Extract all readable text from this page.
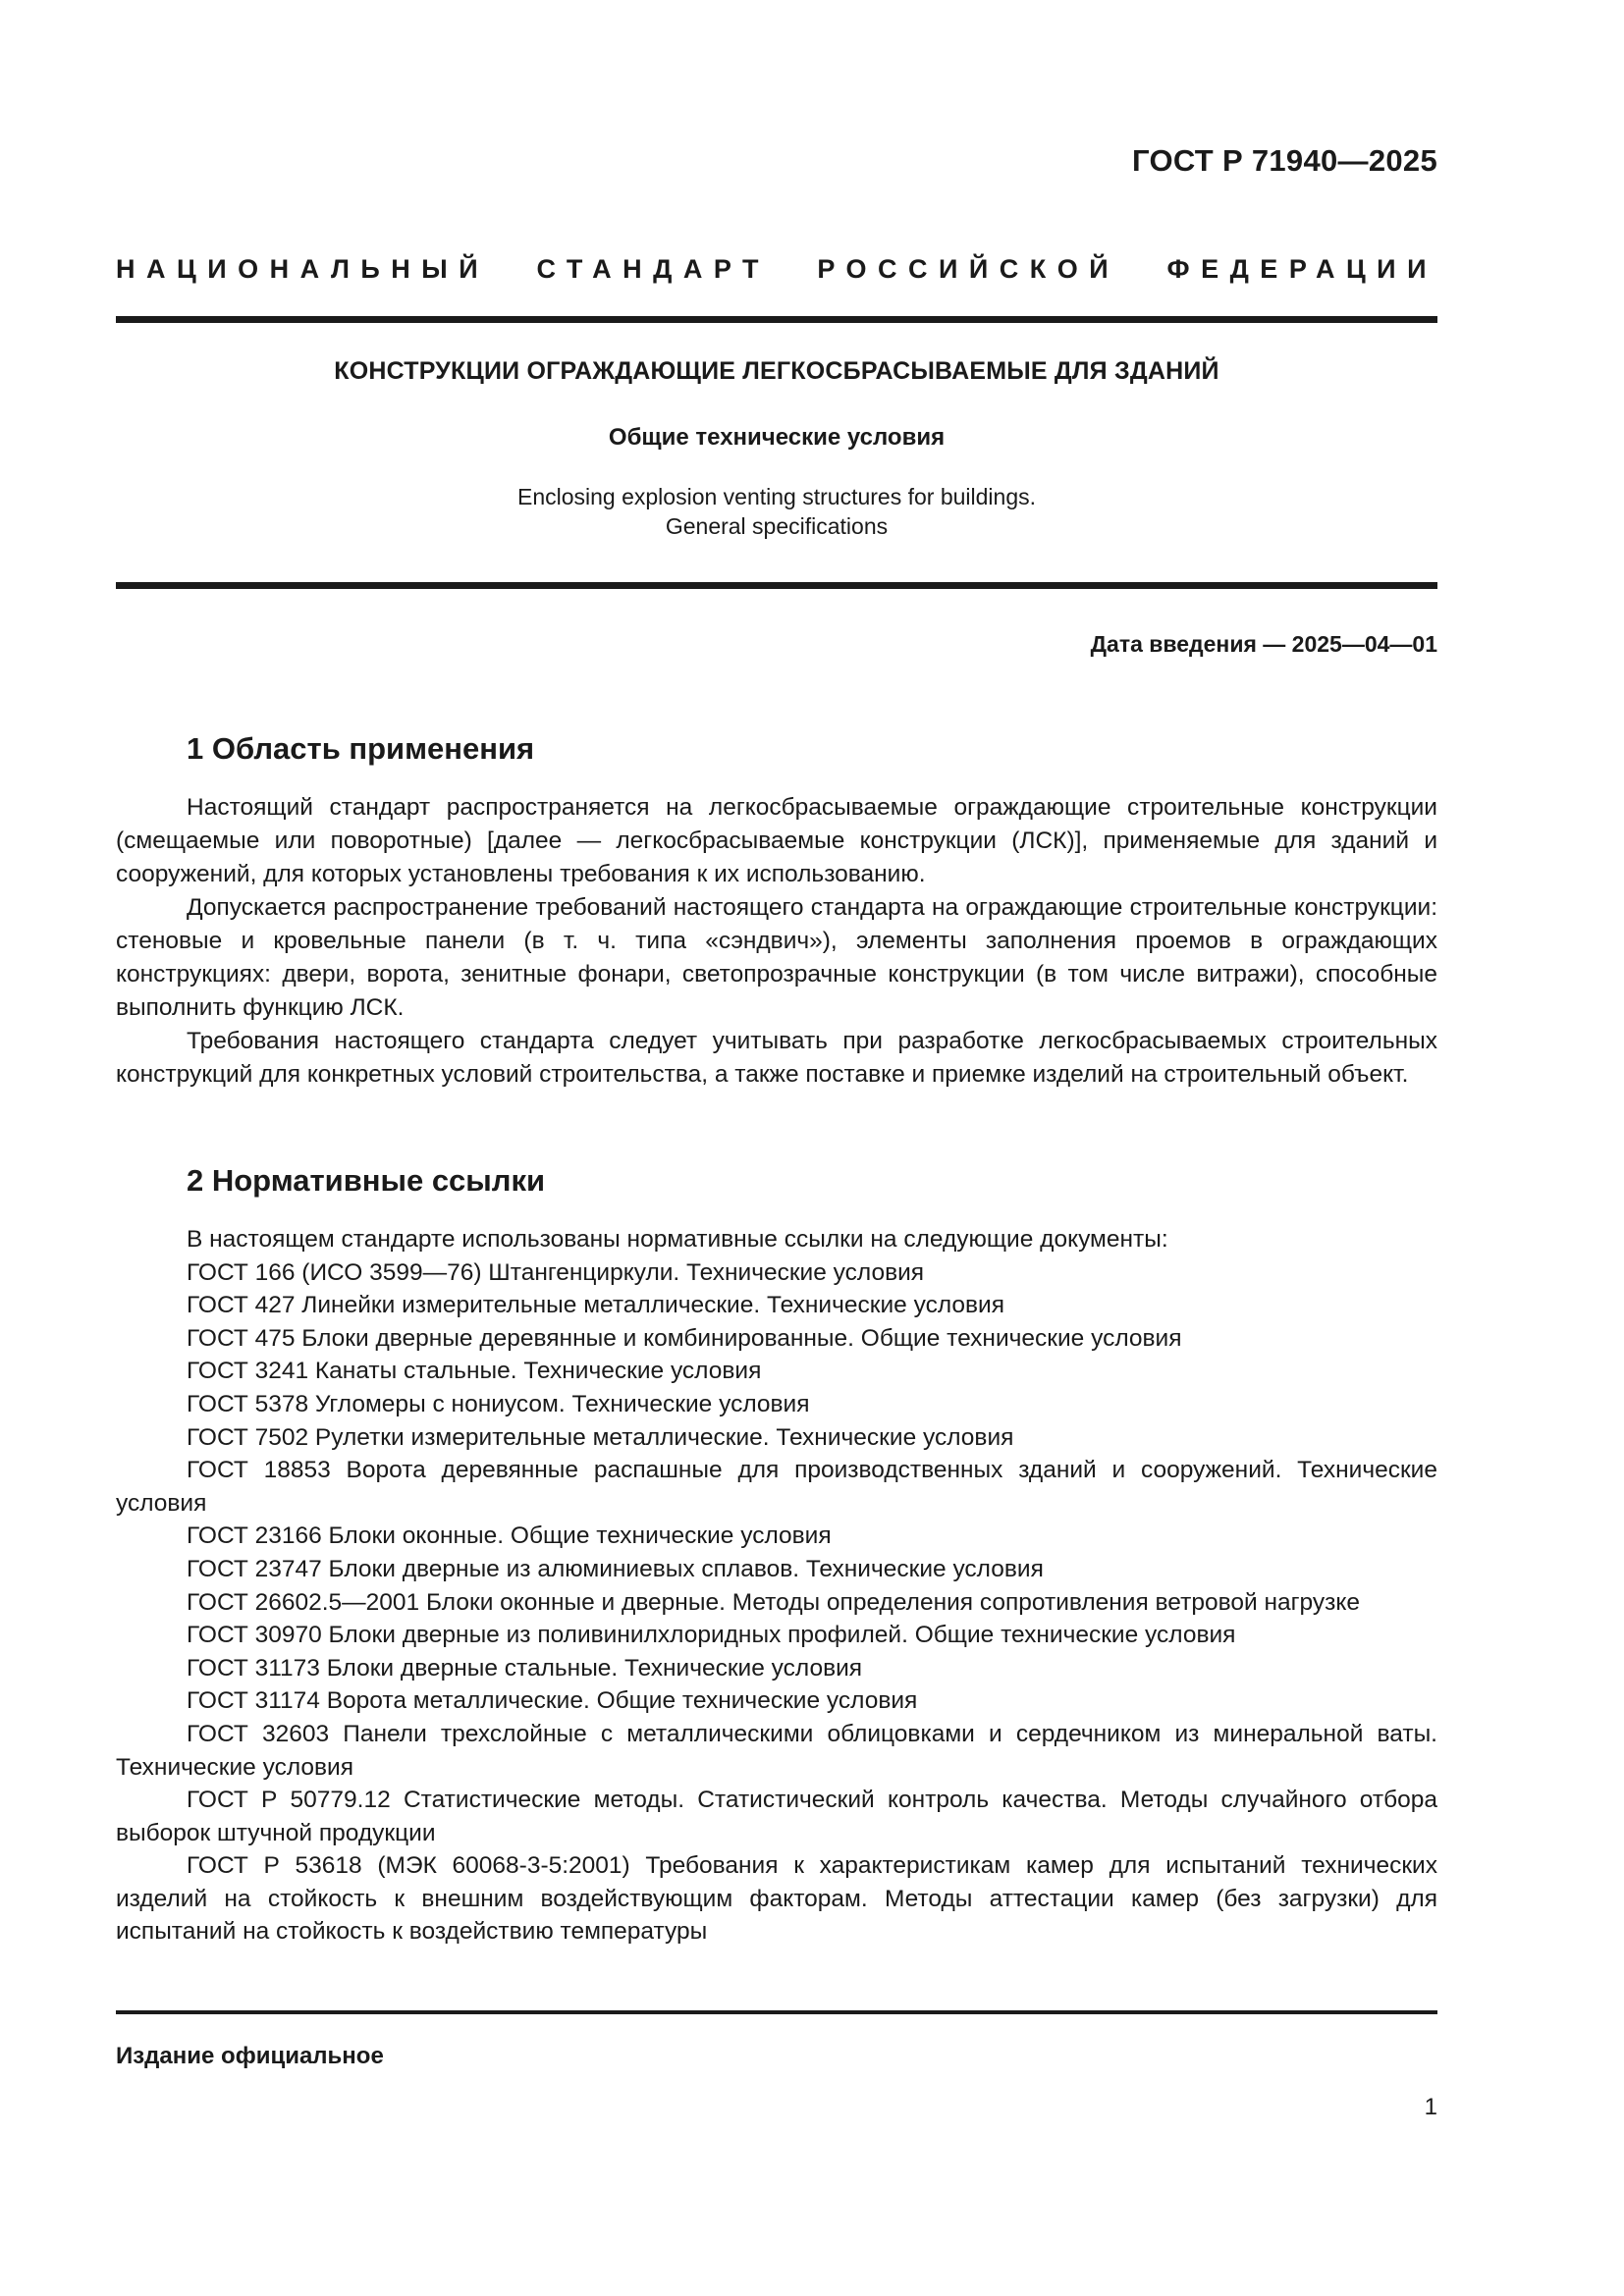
ГОСТ Р 71940—2025
НАЦИОНАЛЬНЫЙ СТАНДАРТ РОССИЙСКОЙ ФЕДЕРАЦИИ
КОНСТРУКЦИИ ОГРАЖДАЮЩИЕ ЛЕГКОСБРАСЫВАЕМЫЕ ДЛЯ ЗДАНИЙ
Общие технические условия
Enclosing explosion venting structures for buildings.
General specifications
Дата введения — 2025—04—01
1 Область применения

Настоящий стандарт распространяется на легкосбрасываемые ограждающие строительные конструкции (смещаемые или поворотные) [далее — легкосбрасываемые конструкции (ЛСК)], применяемые для зданий и сооружений, для которых установлены требования к их использованию.

Допускается распространение требований настоящего стандарта на ограждающие строительные конструкции: стеновые и кровельные панели (в т. ч. типа «сэндвич»), элементы заполнения проемов в ограждающих конструкциях: двери, ворота, зенитные фонари, светопрозрачные конструкции (в том числе витражи), способные выполнить функцию ЛСК.

Требования настоящего стандарта следует учитывать при разработке легкосбрасываемых строительных конструкций для конкретных условий строительства, а также поставке и приемке изделий на строительный объект.

2 Нормативные ссылки

В настоящем стандарте использованы нормативные ссылки на следующие документы:

ГОСТ 166 (ИСО 3599—76) Штангенциркули. Технические условия

ГОСТ 427 Линейки измерительные металлические. Технические условия

ГОСТ 475 Блоки дверные деревянные и комбинированные. Общие технические условия

ГОСТ 3241 Канаты стальные. Технические условия

ГОСТ 5378 Угломеры с нониусом. Технические условия

ГОСТ 7502 Рулетки измерительные металлические. Технические условия

ГОСТ 18853 Ворота деревянные распашные для производственных зданий и сооружений. Технические условия

ГОСТ 23166 Блоки оконные. Общие технические условия

ГОСТ 23747 Блоки дверные из алюминиевых сплавов. Технические условия

ГОСТ 26602.5—2001 Блоки оконные и дверные. Методы определения сопротивления ветровой нагрузке

ГОСТ 30970 Блоки дверные из поливинилхлоридных профилей. Общие технические условия

ГОСТ 31173 Блоки дверные стальные. Технические условия

ГОСТ 31174 Ворота металлические. Общие технические условия

ГОСТ 32603 Панели трехслойные с металлическими облицовками и сердечником из минеральной ваты. Технические условия

ГОСТ Р 50779.12 Статистические методы. Статистический контроль качества. Методы случайного отбора выборок штучной продукции

ГОСТ Р 53618 (МЭК 60068-3-5:2001) Требования к характеристикам камер для испытаний технических изделий на стойкость к внешним воздействующим факторам. Методы аттестации камер (без загрузки) для испытаний на стойкость к воздействию температуры

Издание официальное
1
